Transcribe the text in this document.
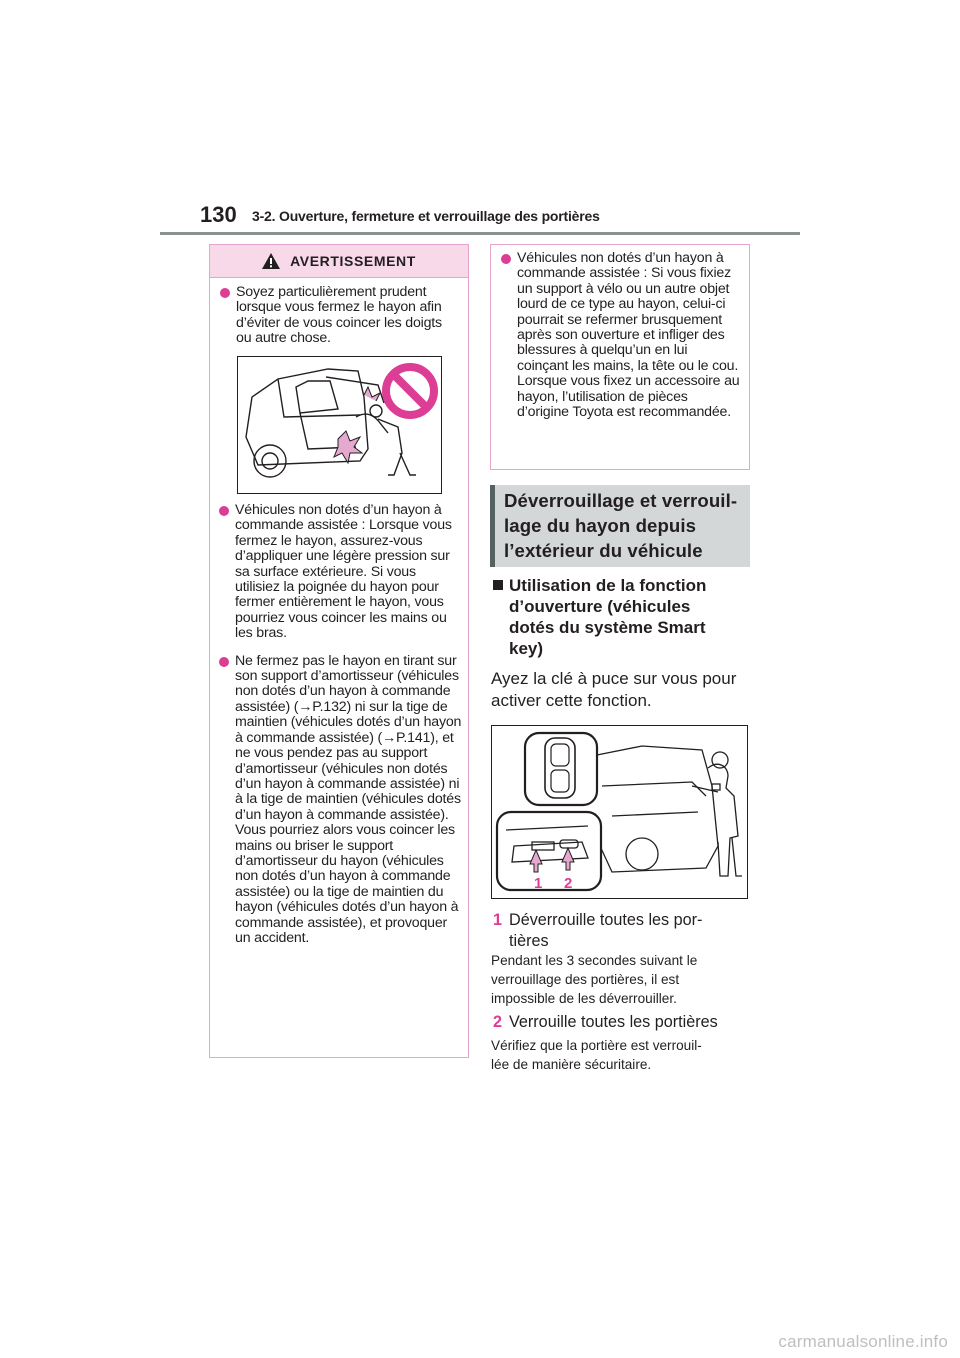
130 3-2. Ouverture, fermeture et verrouillage des portières
AVERTISSEMENT

Soyez particulièrement prudent lorsque vous fermez le hayon afin d’éviter de vous coincer les doigts ou autre chose.

Véhicules non dotés d’un hayon à commande assistée : Lorsque vous fermez le hayon, assurez-vous d’appliquer une légère pression sur sa surface extérieure. Si vous utilisiez la poignée du hayon pour fermer entièrement le hayon, vous pourriez vous coincer les mains ou les bras.

Ne fermez pas le hayon en tirant sur son support d’amortisseur (véhicules non dotés d’un hayon à commande assistée) (→P.132) ni sur la tige de maintien (véhicules dotés d’un hayon à commande assistée) (→P.141), et ne vous pendez pas au support d’amortisseur (véhicules non dotés d’un hayon à commande assistée) ni à la tige de maintien (véhicules dotés d’un hayon à commande assistée). Vous pourriez alors vous coincer les mains ou briser le support d’amortisseur du hayon (véhicules non dotés d’un hayon à commande assistée) ou la tige de maintien du hayon (véhicules dotés d’un hayon à commande assistée), et provoquer un accident.

Véhicules non dotés d’un hayon à commande assistée : Si vous fixiez un support à vélo ou un autre objet lourd de ce type au hayon, celui-ci pourrait se refermer brusquement après son ouverture et infliger des blessures à quelqu’un en lui coinçant les mains, la tête ou le cou. Lorsque vous fixez un accessoire au hayon, l’utilisation de pièces d’origine Toyota est recommandée.

Déverrouillage et verrouil-
lage du hayon depuis
l’extérieur du véhicule
Utilisation de la fonction
d’ouverture (véhicules
dotés du système Smart
key)
Ayez la clé à puce sur vous pour
activer cette fonction.
1 2
1 Déverrouille toutes les por-
tières
Pendant les 3 secondes suivant le
verrouillage des portières, il est
impossible de les déverrouiller.
2 Verrouille toutes les portières
Vérifiez que la portière est verrouil-
lée de manière sécuritaire.
carmanualsonline.info
